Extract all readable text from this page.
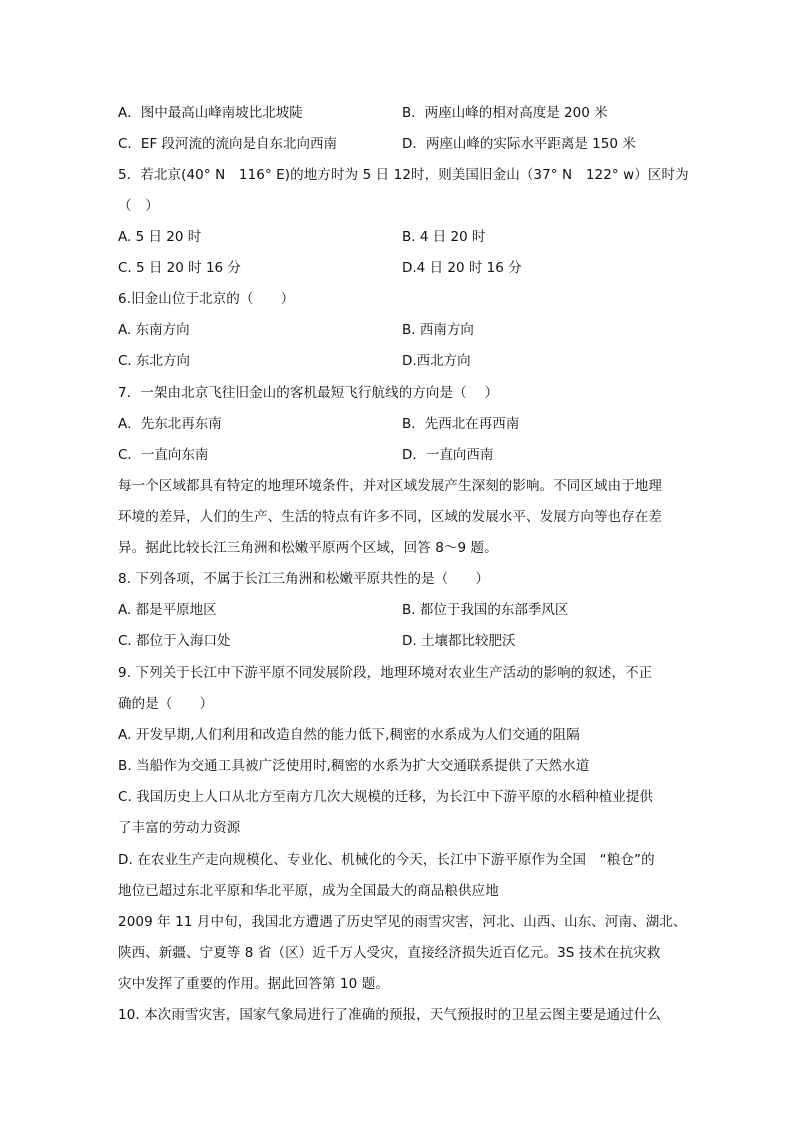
A．图中最高山峰南坡比北坡陡	B．两座山峰的相对高度是 200 米
C．EF 段河流的流向是自东北向西南	D．两座山峰的实际水平距离是 150 米
5．若北京(40° N　116° E)的地方时为 5 日 12时，则美国旧金山（37° N　122° w）区时为
（　）
A. 5 日 20 时	B. 4 日 20 时
C. 5 日 20 时 16 分	D.4 日 20 时 16 分
6.旧金山位于北京的（　　）
A. 东南方向	B. 西南方向
C. 东北方向	D.西北方向
7．一架由北京飞往旧金山的客机最短飞行航线的方向是（　 ）
A．先东北再东南	B．先西北在再西南
C．一直向东南	D．一直向西南
每一个区域都具有特定的地理环境条件，并对区域发展产生深刻的影响。不同区域由于地理
环境的差异，人们的生产、生活的特点有许多不同，区域的发展水平、发展方向等也存在差
异。据此比较长江三角洲和松嫩平原两个区域，回答 8～9 题。
8. 下列各项，不属于长江三角洲和松嫩平原共性的是（　　）
A. 都是平原地区	B. 都位于我国的东部季风区
C. 都位于入海口处	D. 土壤都比较肥沃
9. 下列关于长江中下游平原不同发展阶段，地理环境对农业生产活动的影响的叙述，不正
确的是（　　）
A. 开发早期,人们利用和改造自然的能力低下,稠密的水系成为人们交通的阻隔
B. 当船作为交通工具被广泛使用时,稠密的水系为扩大交通联系提供了天然水道
C. 我国历史上人口从北方至南方几次大规模的迁移，为长江中下游平原的水稻种植业提供
了丰富的劳动力资源
D. 在农业生产走向规模化、专业化、机械化的今天，长江中下游平原作为全国　“粮仓”的
地位已超过东北平原和华北平原，成为全国最大的商品粮供应地
2009 年 11 月中旬，我国北方遭遇了历史罕见的雨雪灾害，河北、山西、山东、河南、湖北、
陕西、新疆、宁夏等 8 省（区）近千万人受灾，直接经济损失近百亿元。3S 技术在抗灾救
灾中发挥了重要的作用。据此回答第 10 题。
10. 本次雨雪灾害，国家气象局进行了准确的预报，天气预报时的卫星云图主要是通过什么
